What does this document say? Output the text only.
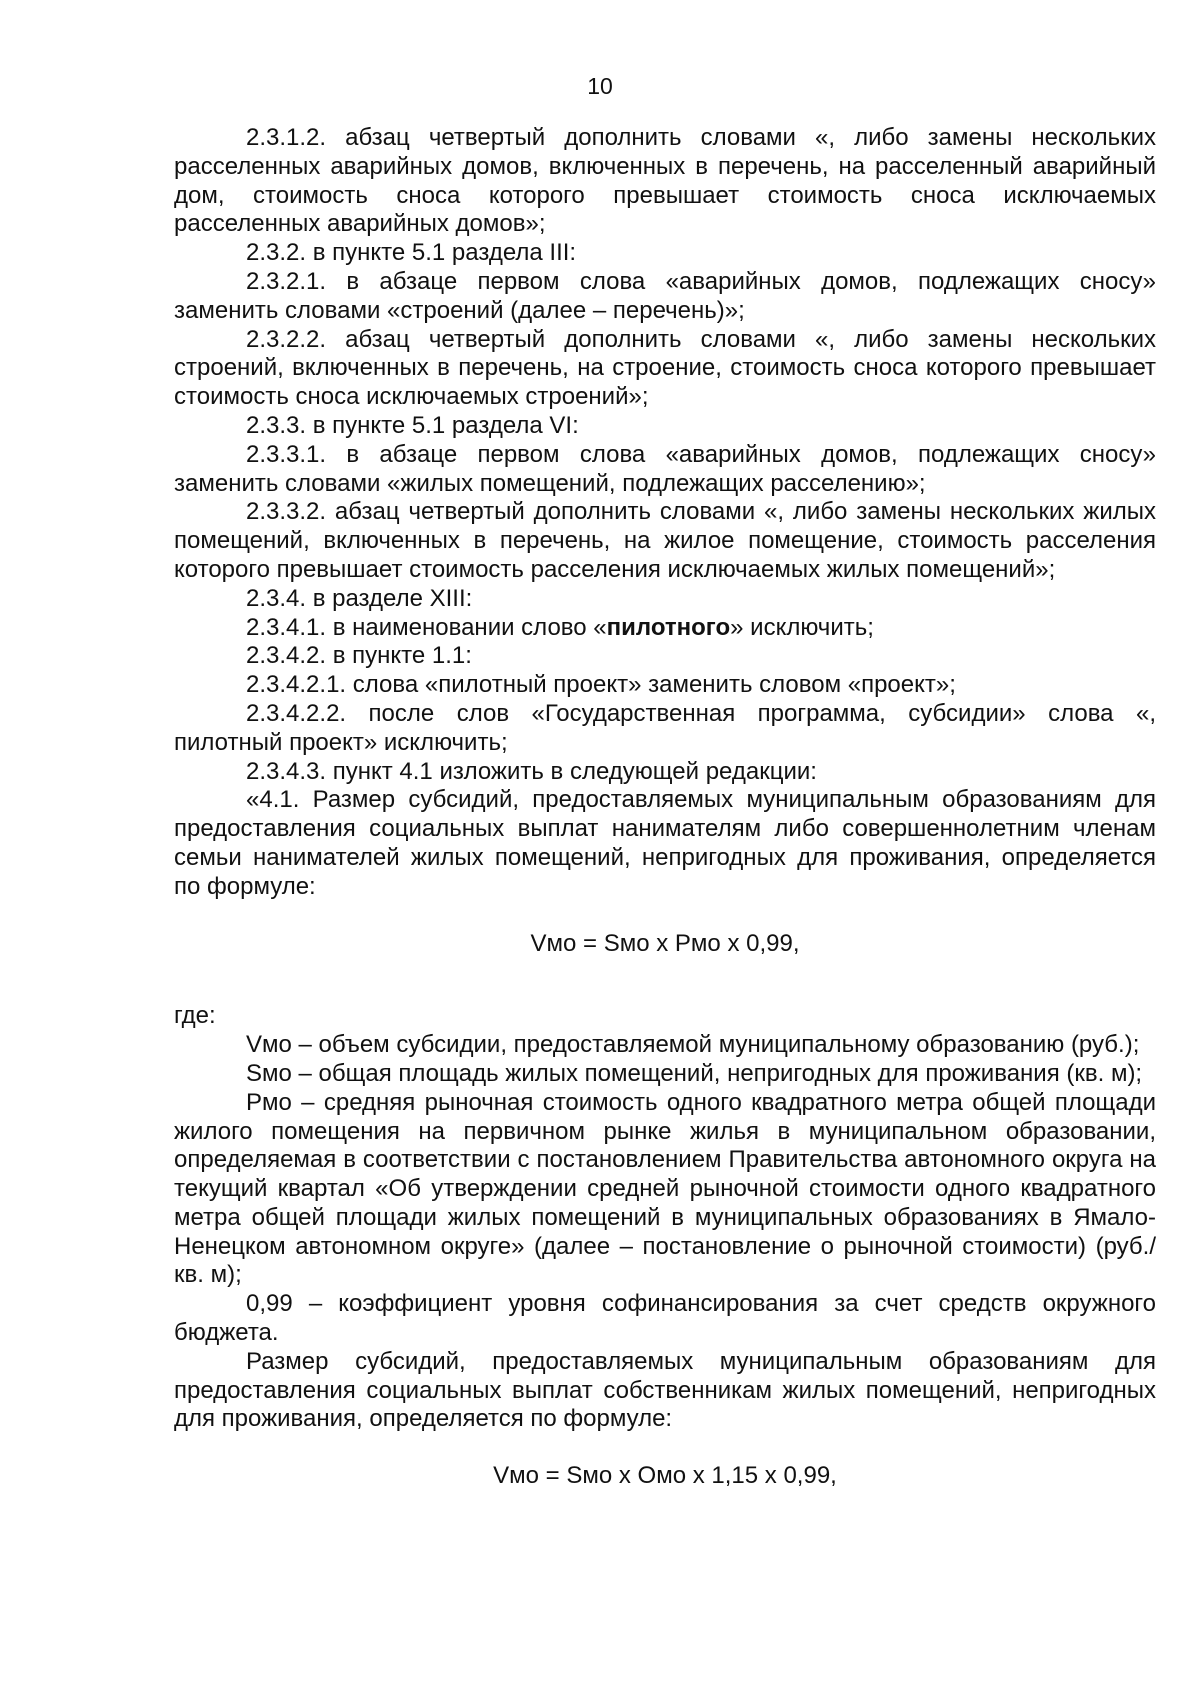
10

2.3.1.2. абзац четвертый дополнить словами «, либо замены нескольких расселенных аварийных домов, включенных в перечень, на расселенный аварийный дом, стоимость сноса которого превышает стоимость сноса исключаемых расселенных аварийных домов»;

2.3.2. в пункте 5.1 раздела III:

2.3.2.1. в абзаце первом слова «аварийных домов, подлежащих сносу» заменить словами «строений (далее – перечень)»;

2.3.2.2. абзац четвертый дополнить словами «, либо замены нескольких строений, включенных в перечень, на строение, стоимость сноса которого превышает стоимость сноса исключаемых строений»;

2.3.3. в пункте 5.1 раздела VI:

2.3.3.1. в абзаце первом слова «аварийных домов, подлежащих сносу» заменить словами «жилых помещений, подлежащих расселению»;

2.3.3.2. абзац четвертый дополнить словами «, либо замены нескольких жилых помещений, включенных в перечень, на жилое помещение, стоимость расселения которого превышает стоимость расселения исключаемых жилых помещений»;

2.3.4. в разделе XIII:

2.3.4.1. в наименовании слово «пилотного» исключить;

2.3.4.2. в пункте 1.1:

2.3.4.2.1. слова «пилотный проект» заменить словом «проект»;

2.3.4.2.2. после слов «Государственная программа, субсидии» слова «, пилотный проект» исключить;

2.3.4.3. пункт 4.1 изложить в следующей редакции:

«4.1. Размер субсидий, предоставляемых муниципальным образованиям для предоставления социальных выплат нанимателям либо совершеннолетним членам семьи нанимателей жилых помещений, непригодных для проживания, определяется по формуле:

Vмо = Sмо x Рмо x 0,99,

где:

Vмо – объем субсидии, предоставляемой муниципальному образованию (руб.);

Sмо – общая площадь жилых помещений, непригодных для проживания (кв. м);

Рмо – средняя рыночная стоимость одного квадратного метра общей площади жилого помещения на первичном рынке жилья в муниципальном образовании, определяемая в соответствии с постановлением Правительства автономного округа на текущий квартал «Об утверждении средней рыночной стоимости одного квадратного метра общей площади жилых помещений в муниципальных образованиях в Ямало-Ненецком автономном округе» (далее – постановление о рыночной стоимости) (руб./кв. м);

0,99 – коэффициент уровня софинансирования за счет средств окружного бюджета.

Размер субсидий, предоставляемых муниципальным образованиям для предоставления социальных выплат собственникам жилых помещений, непригодных для проживания, определяется по формуле:

Vмо = Sмо x Омо x 1,15 x 0,99,
